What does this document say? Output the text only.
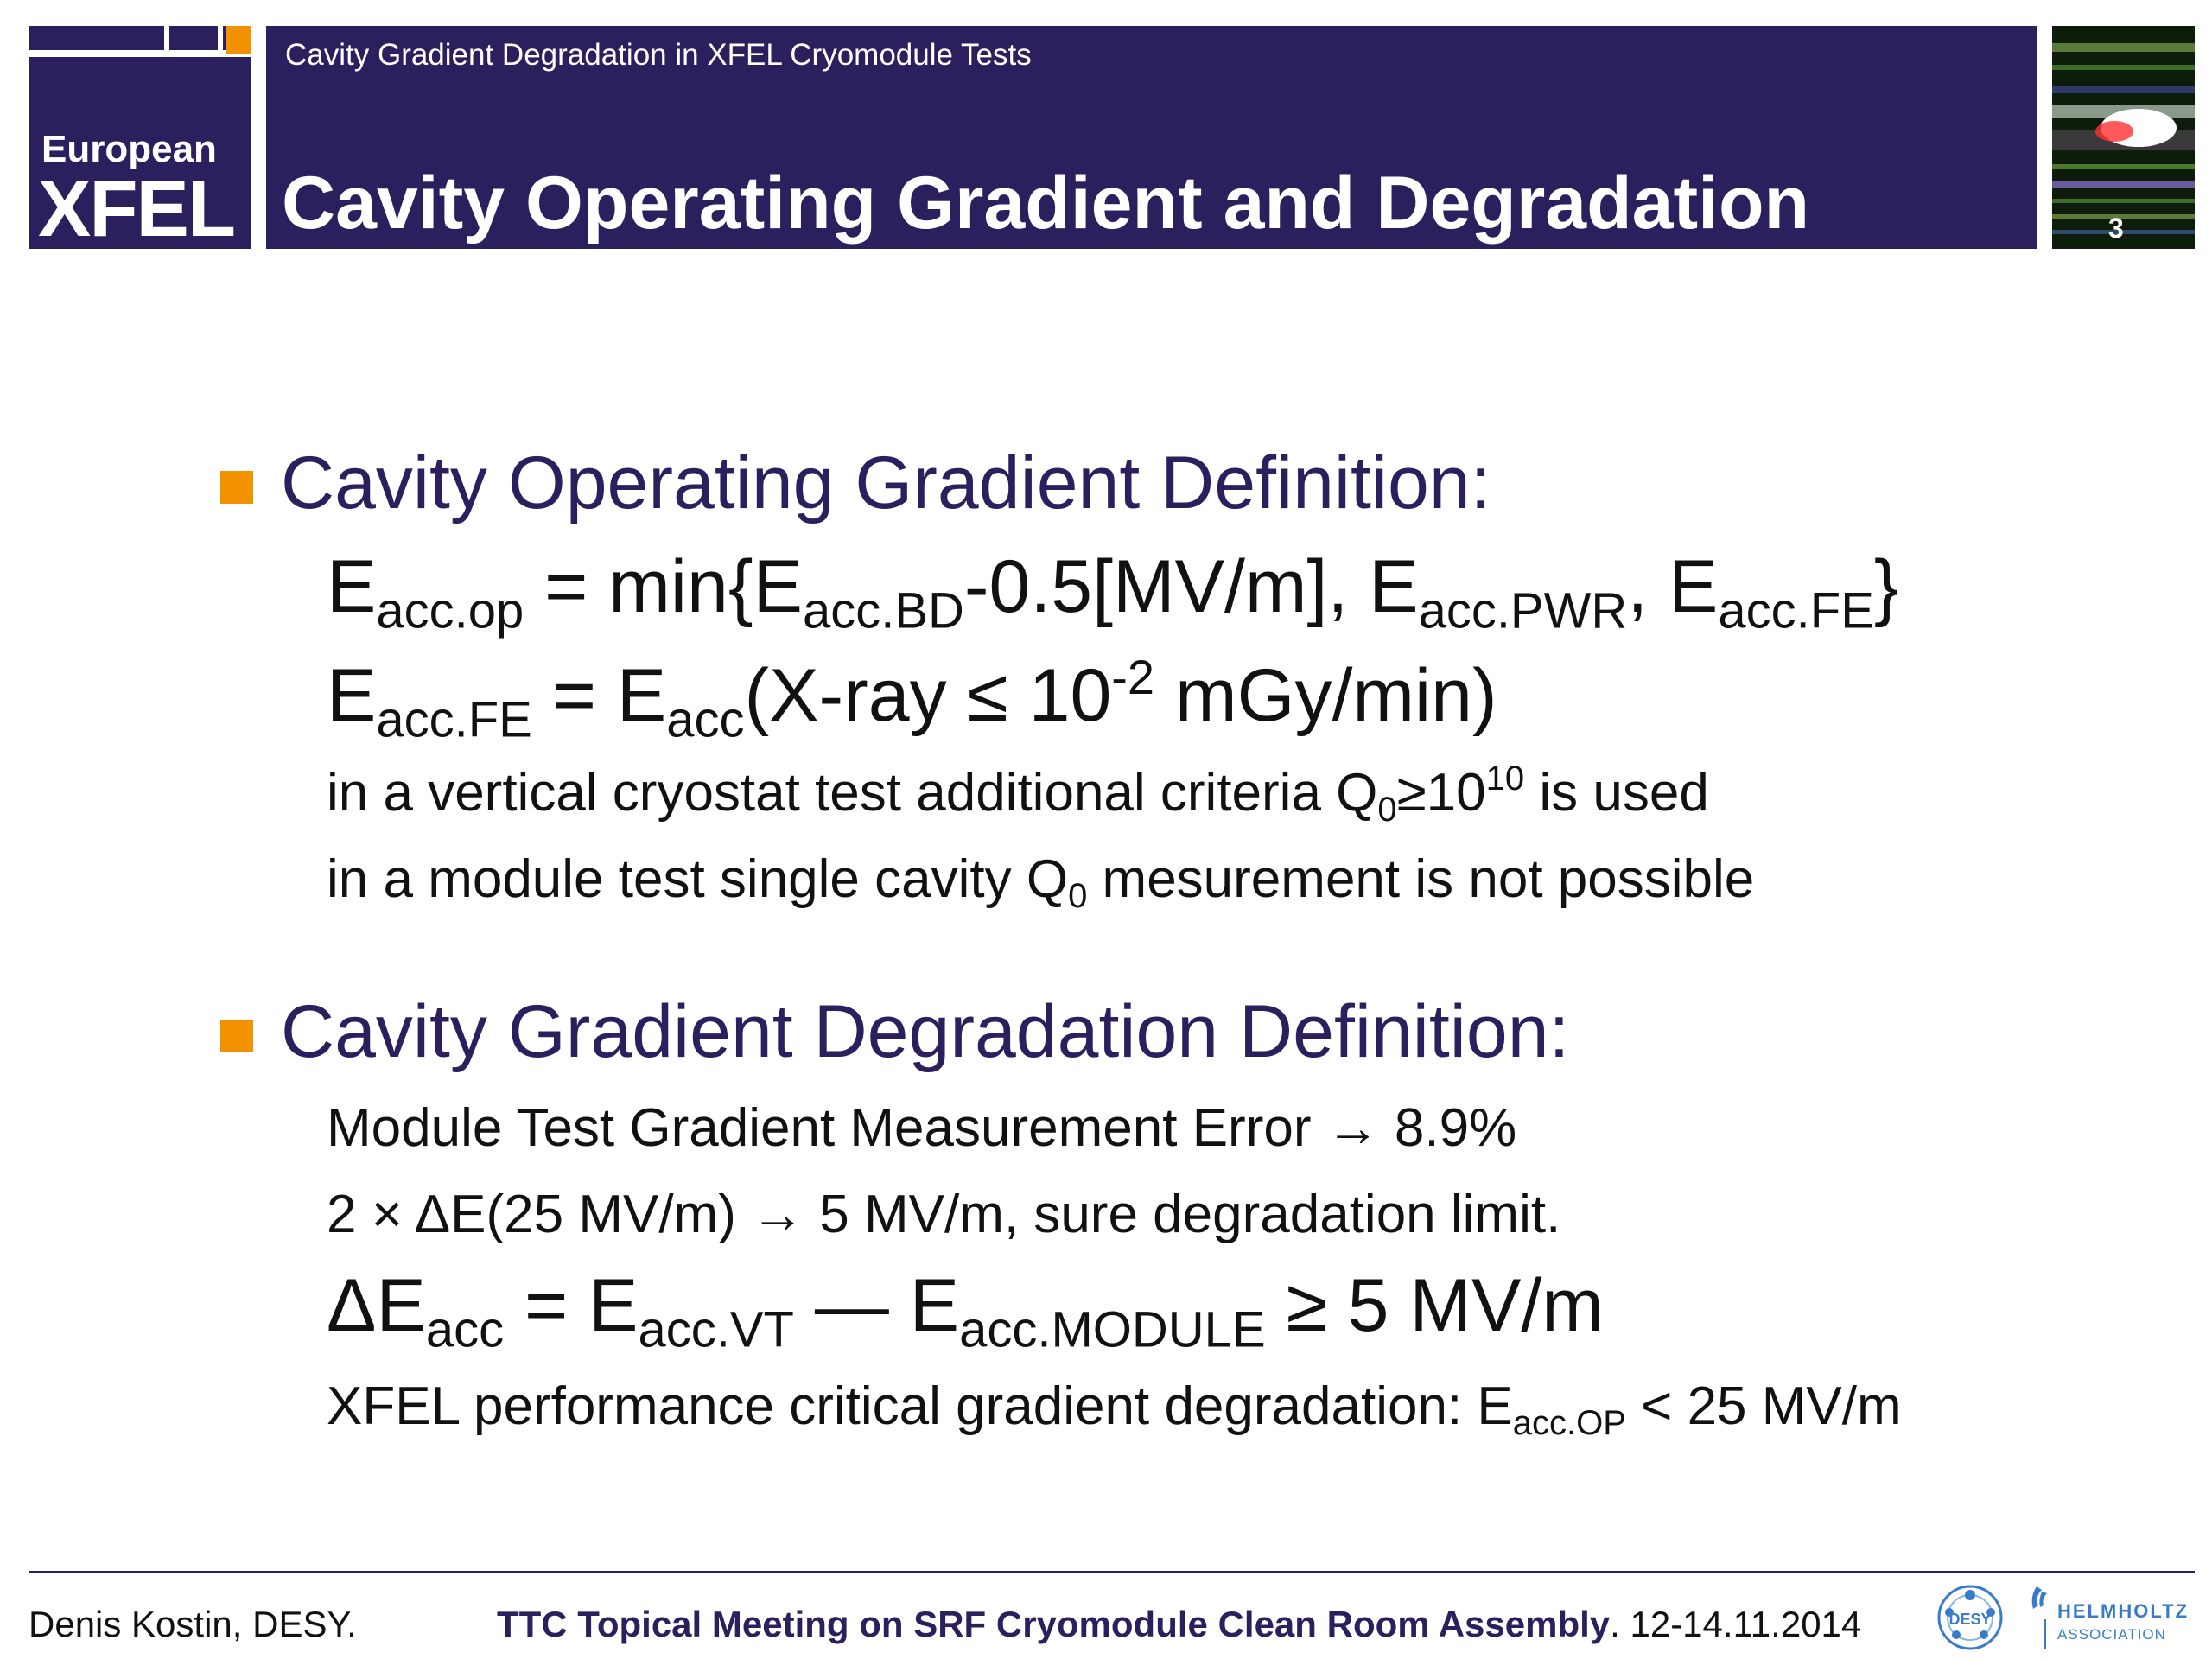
European
XFEL
Cavity Gradient Degradation in XFEL Cryomodule Tests
Cavity Operating Gradient and Degradation	3
Cavity Operating Gradient Definition:
$E_{acc.op} = \min\{E_{acc.BD}-0.5[MV/m]$, $E_{acc.PWR}$, $E_{acc.FE}$}
$E_{acc.FE} = E_{acc}(X-ray \le 10^{-2}$ mGy/min)
in a vertical cryostat test additional criteria $Q_0\ge 10^{10}$ is used
in a module test single cavity $Q_0$ mesurement is not possible
Cavity Gradient Degradation Definition:
Module Test Gradient Measurement Error → 8.9%
2 × ΔE(25 MV/m) → 5 MV/m, sure degradation limit.
$\Delta E_{acc} = E_{acc.VT}$ — $E_{acc.MODULE} \ge 5$ MV/m
XFEL performance critical gradient degradation: $E_{acc.OP} < 25$ MV/m
Denis Kostin, DESY.	TTC Topical Meeting on SRF Cryomodule Clean Room Assembly. 12-14.11.2014	DESY	HELMHOLTZ
ASSOCIATION
